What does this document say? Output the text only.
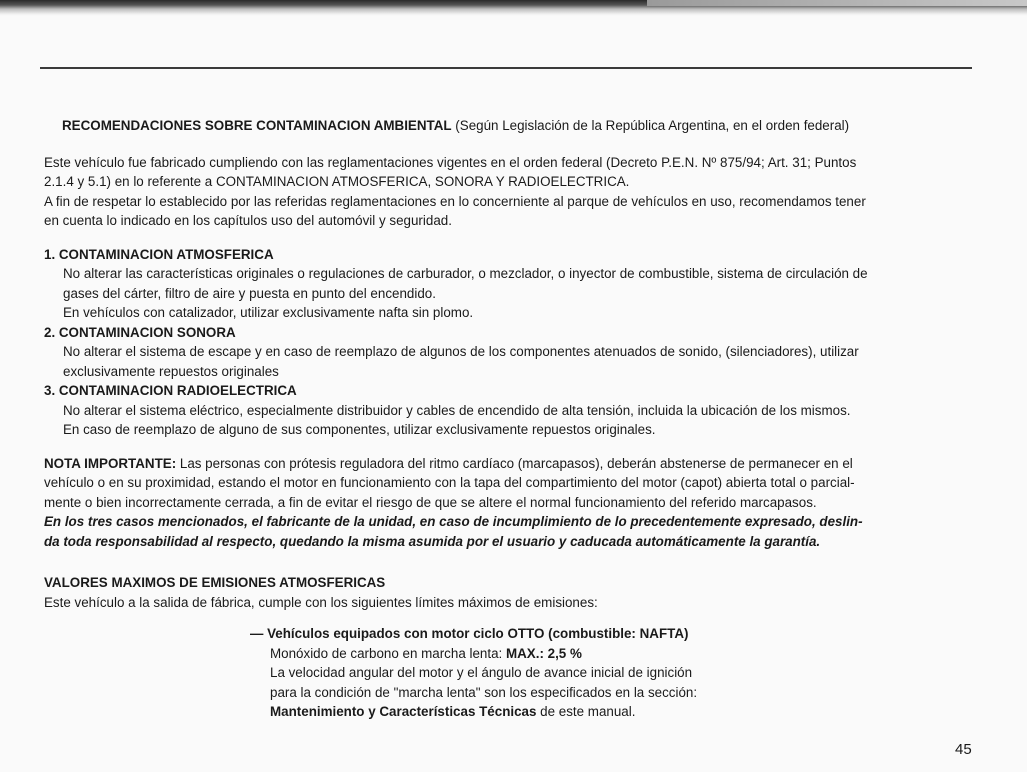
RECOMENDACIONES SOBRE CONTAMINACION AMBIENTAL (Según Legislación de la República Argentina, en el orden federal)

Este vehículo fue fabricado cumpliendo con las reglamentaciones vigentes en el orden federal (Decreto P.E.N. Nº 875/94; Art. 31; Puntos

2.1.4 y 5.1) en lo referente a CONTAMINACION ATMOSFERICA, SONORA Y RADIOELECTRICA.

A fin de respetar lo establecido por las referidas reglamentaciones en lo concerniente al parque de vehículos en uso, recomendamos tener

en cuenta lo indicado en los capítulos uso del automóvil y seguridad.

1. CONTAMINACION ATMOSFERICA

No alterar las características originales o regulaciones de carburador, o mezclador, o inyector de combustible, sistema de circulación de

gases del cárter, filtro de aire y puesta en punto del encendido.

En vehículos con catalizador, utilizar exclusivamente nafta sin plomo.

2. CONTAMINACION SONORA

No alterar el sistema de escape y en caso de reemplazo de algunos de los componentes atenuados de sonido, (silenciadores), utilizar

exclusivamente repuestos originales

3. CONTAMINACION RADIOELECTRICA

No alterar el sistema eléctrico, especialmente distribuidor y cables de encendido de alta tensión, incluida la ubicación de los mismos.

En caso de reemplazo de alguno de sus componentes, utilizar exclusivamente repuestos originales.

NOTA IMPORTANTE: Las personas con prótesis reguladora del ritmo cardíaco (marcapasos), deberán abstenerse de permanecer en el

vehículo o en su proximidad, estando el motor en funcionamiento con la tapa del compartimiento del motor (capot) abierta total o parcial-

mente o bien incorrectamente cerrada, a fin de evitar el riesgo de que se altere el normal funcionamiento del referido marcapasos.

En los tres casos mencionados, el fabricante de la unidad, en caso de incumplimiento de lo precedentemente expresado, deslin-

da toda responsabilidad al respecto, quedando la misma asumida por el usuario y caducada automáticamente la garantía.

VALORES MAXIMOS DE EMISIONES ATMOSFERICAS

Este vehículo a la salida de fábrica, cumple con los siguientes límites máximos de emisiones:

— Vehículos equipados con motor ciclo OTTO (combustible: NAFTA)

Monóxido de carbono en marcha lenta: MAX.: 2,5 %

La velocidad angular del motor y el ángulo de avance inicial de ignición

para la condición de "marcha lenta" son los especificados en la sección:

Mantenimiento y Características Técnicas de este manual.

45
